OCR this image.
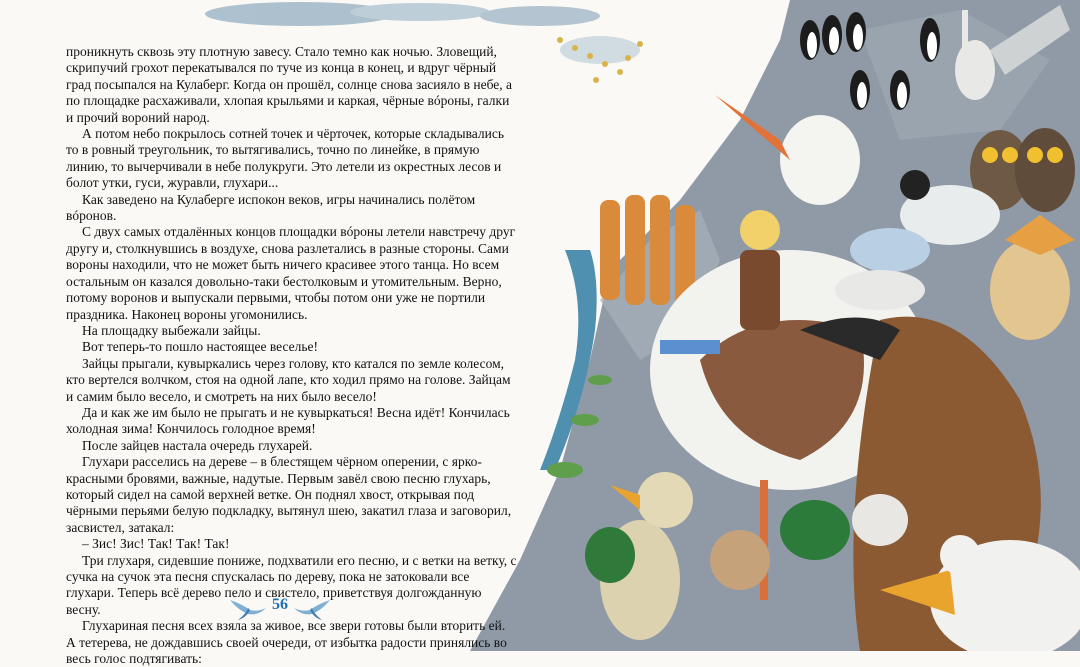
проникнуть сквозь эту плотную завесу. Стало темно как ночью. Зловещий, скрипучий грохот перекатывался по туче из конца в конец, и вдруг чёрный град посыпался на Кулаберг. Когда он прошёл, солнце снова засияло в небе, а по площадке расхаживали, хлопая крыльями и каркая, чёрные вóроны, галки и прочий вороний народ.

А потом небо покрылось сотней точек и чёрточек, которые складывались то в ровный треугольник, то вытягивались, точно по линейке, в прямую линию, то вычерчивали в небе полукруги. Это летели из окрестных лесов и болот утки, гуси, журавли, глухари...

Как заведено на Кулаберге испокон веков, игры начинались полётом вóронов.

С двух самых отдалённых концов площадки вóроны летели навстречу друг другу и, столкнувшись в воздухе, снова разлетались в разные стороны. Сами вороны находили, что не может быть ничего красивее этого танца. Но всем остальным он казался довольно-таки бестолковым и утомительным. Верно, потому воронов и выпускали первыми, чтобы потом они уже не портили праздника. Наконец вороны угомонились.

На площадку выбежали зайцы.

Вот теперь-то пошло настоящее веселье!

Зайцы прыгали, кувыркались через голову, кто катался по земле колесом, кто вертелся волчком, стоя на одной лапе, кто ходил прямо на голове. Зайцам и самим было весело, и смотреть на них было весело!

Да и как же им было не прыгать и не кувыркаться! Весна идёт! Кончилась холодная зима! Кончилось голодное время!

После зайцев настала очередь глухарей.

Глухари расселись на дереве – в блестящем чёрном оперении, с ярко-красными бровями, важные, надутые. Первым завёл свою песню глухарь, который сидел на самой верхней ветке. Он поднял хвост, открывая под чёрными перьями белую подкладку, вытянул шею, закатил глаза и заговорил, засвистел, затакал:

– Зис! Зис! Так! Так! Так!

Три глухаря, сидевшие пониже, подхватили его песню, и с ветки на ветку, с сучка на сучок эта песня спускалась по дереву, пока не затоковали все глухари. Теперь всё дерево пело и свистело, приветствуя долгожданную весну.

Глухариная песня всех взяла за живое, все звери готовы были вторить ей. А тетерева, не дождавшись своей очереди, от избытка радости принялись во весь голос подтягивать:

56
